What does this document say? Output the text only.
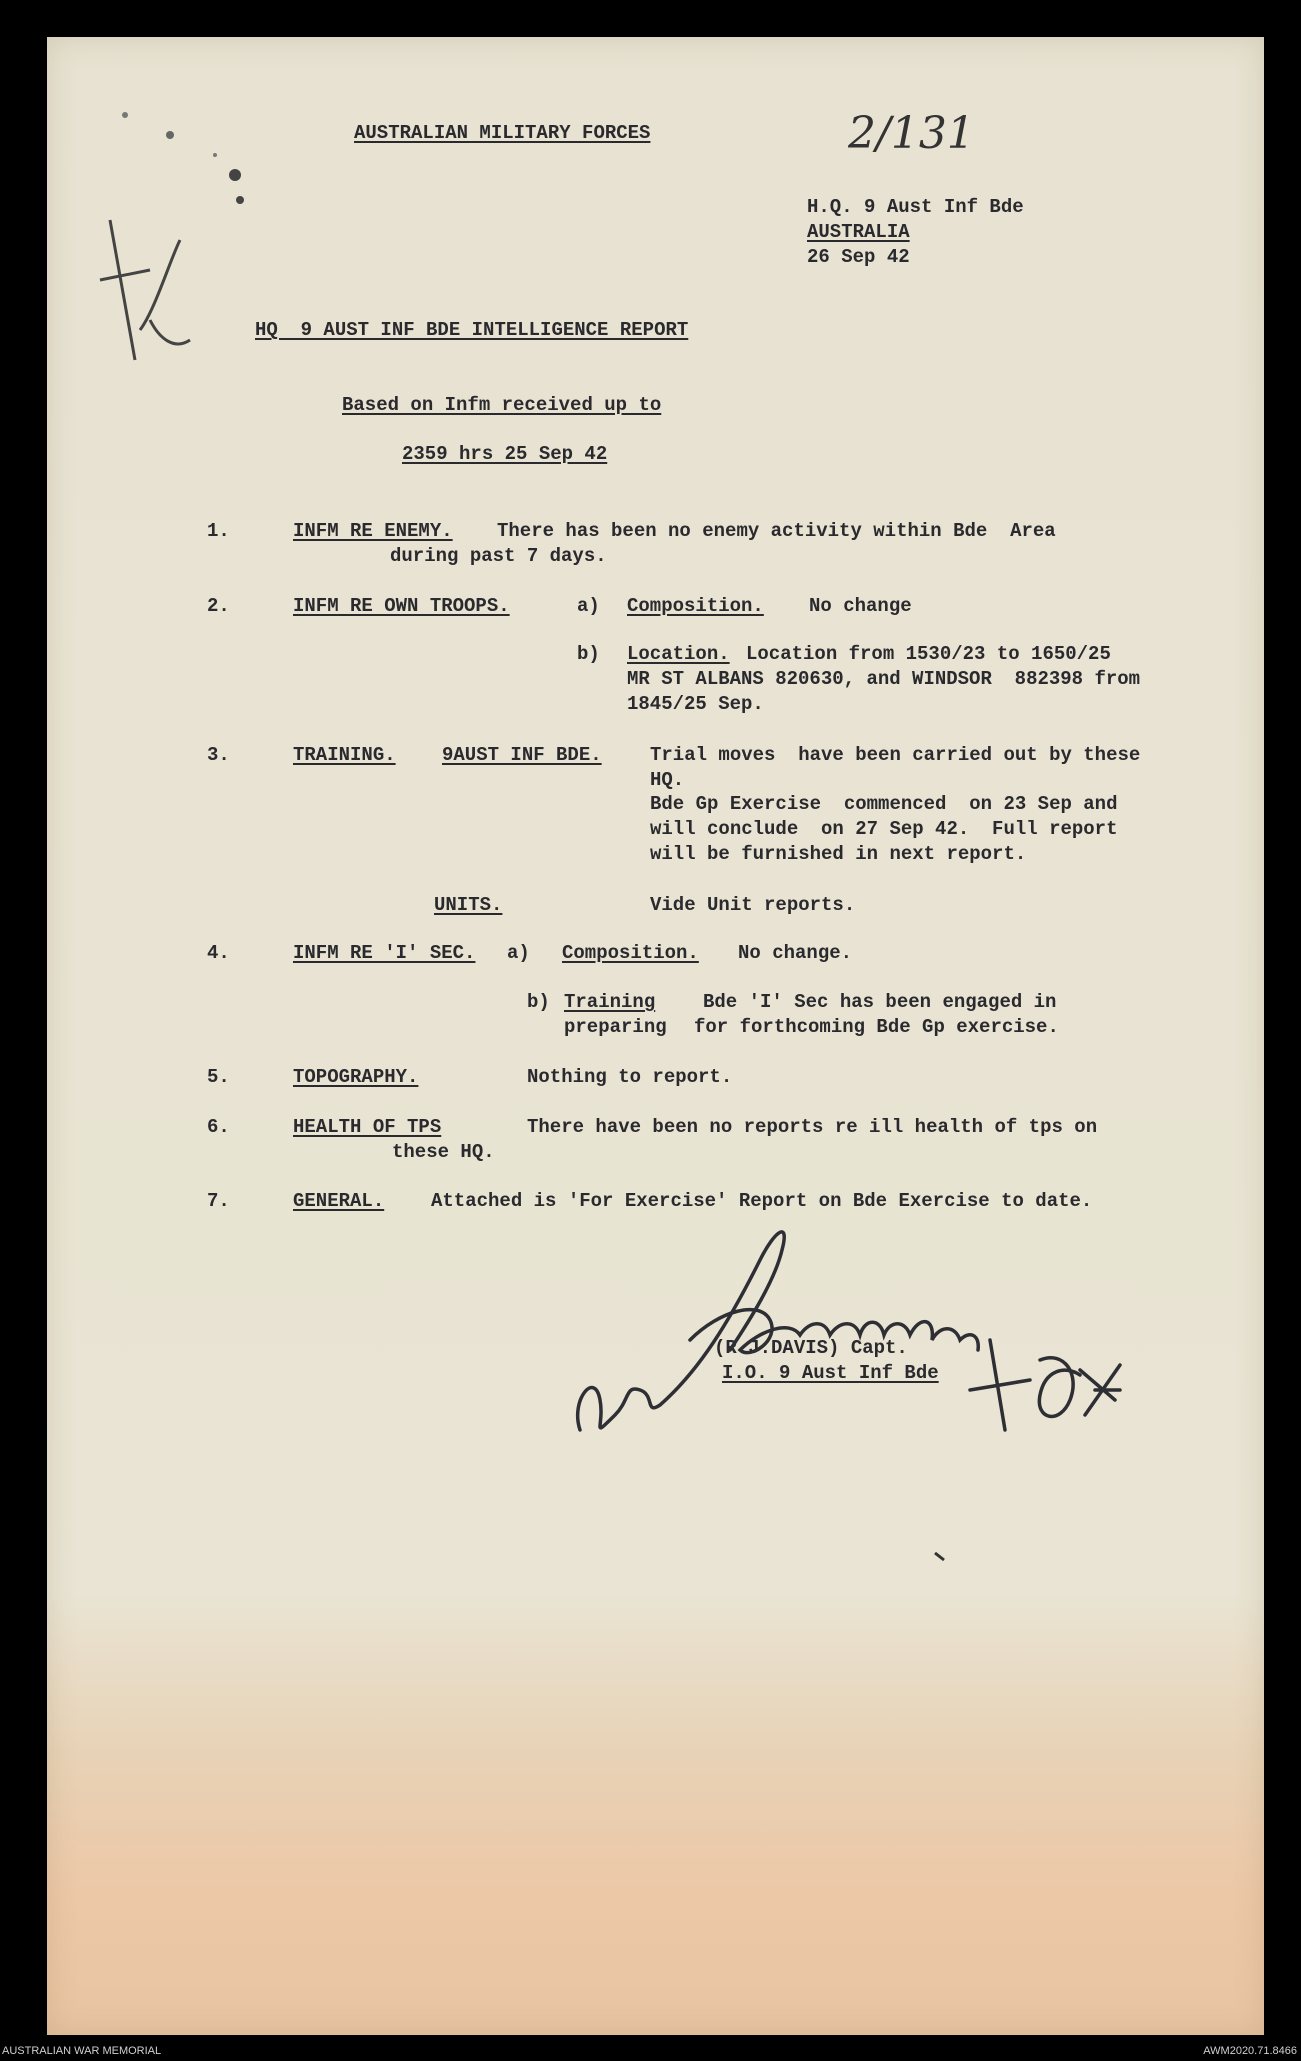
AUSTRALIAN MILITARY FORCES	2/131
H.Q. 9 Aust Inf Bde
AUSTRALIA
26 Sep 42
HQ  9 AUST INF BDE INTELLIGENCE REPORT
Based on Infm received up to
2359 hrs 25 Sep 42
1.	INFM RE ENEMY. There has been no enemy activity within Bde  Area
during past 7 days.
2.	INFM RE OWN TROOPS.	a) Composition. No change
b) Location. Location from 1530/23 to 1650/25
MR ST ALBANS 820630, and WINDSOR  882398 from
1845/25 Sep.
3.	TRAINING. 9AUST INF BDE.	Trial moves  have been carried out by these
HQ.
Bde Gp Exercise  commenced  on 23 Sep and
will conclude  on 27 Sep 42.  Full report
will be furnished in next report.
UNITS.	Vide Unit reports.
4.	INFM RE 'I' SEC. a) Composition. No change.
b) Training	Bde 'I' Sec has been engaged in
preparing for forthcoming Bde Gp exercise.
5.	TOPOGRAPHY.	Nothing to report.
6.	HEALTH OF TPS	There have been no reports re ill health of tps on
these HQ.
7.	GENERAL. Attached is 'For Exercise' Report on Bde Exercise to date.
(R.J.DAVIS) Capt.
I.O. 9 Aust Inf Bde
AUSTRALIAN WAR MEMORIAL	AWM2020.71.8466
